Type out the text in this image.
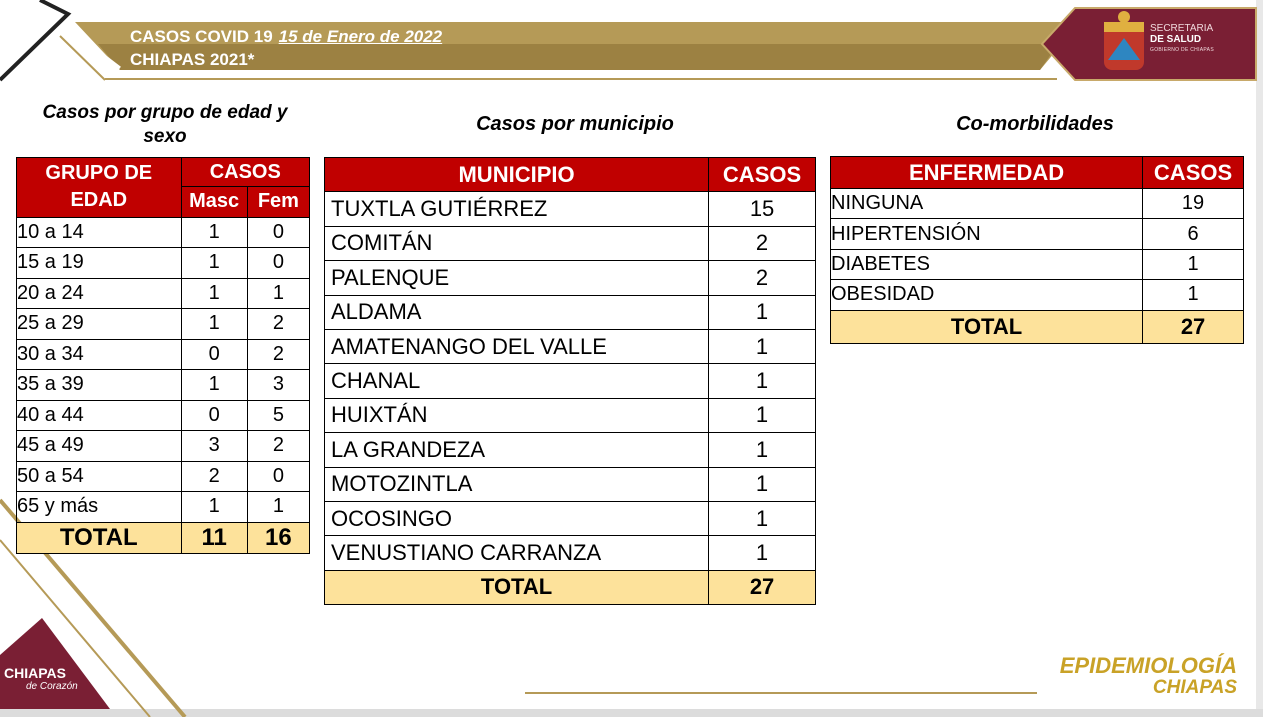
CASOS COVID 19 15 de Enero de 2022
CHIAPAS 2021*
SECRETARIA
DE SALUD
GOBIERNO DE CHIAPAS
CHIAPAS
de Corazón
Casos por grupo de edad y sexo
Casos por municipio	Co-morbilidades
GRUPO DE EDAD	CASOS	
	Masc	Fem
10 a 14	1	0
15 a 19	1	0
20 a 24	1	1
25 a 29	1	2
30 a 34	0	2
35 a 39	1	3
40 a 44	0	5
45 a 49	3	2
50 a 54	2	0
65 y más	1	1
TOTAL	11	16
MUNICIPIO	CASOS
TUXTLA GUTIÉRREZ	15
COMITÁN	2
PALENQUE	2
ALDAMA	1
AMATENANGO DEL VALLE	1
CHANAL	1
HUIXTÁN	1
LA GRANDEZA	1
MOTOZINTLA	1
OCOSINGO	1
VENUSTIANO CARRANZA	1
TOTAL	27
ENFERMEDAD	CASOS
NINGUNA	19
HIPERTENSIÓN	6
DIABETES	1
OBESIDAD	1
TOTAL	27
EPIDEMIOLOGÍA
CHIAPAS
